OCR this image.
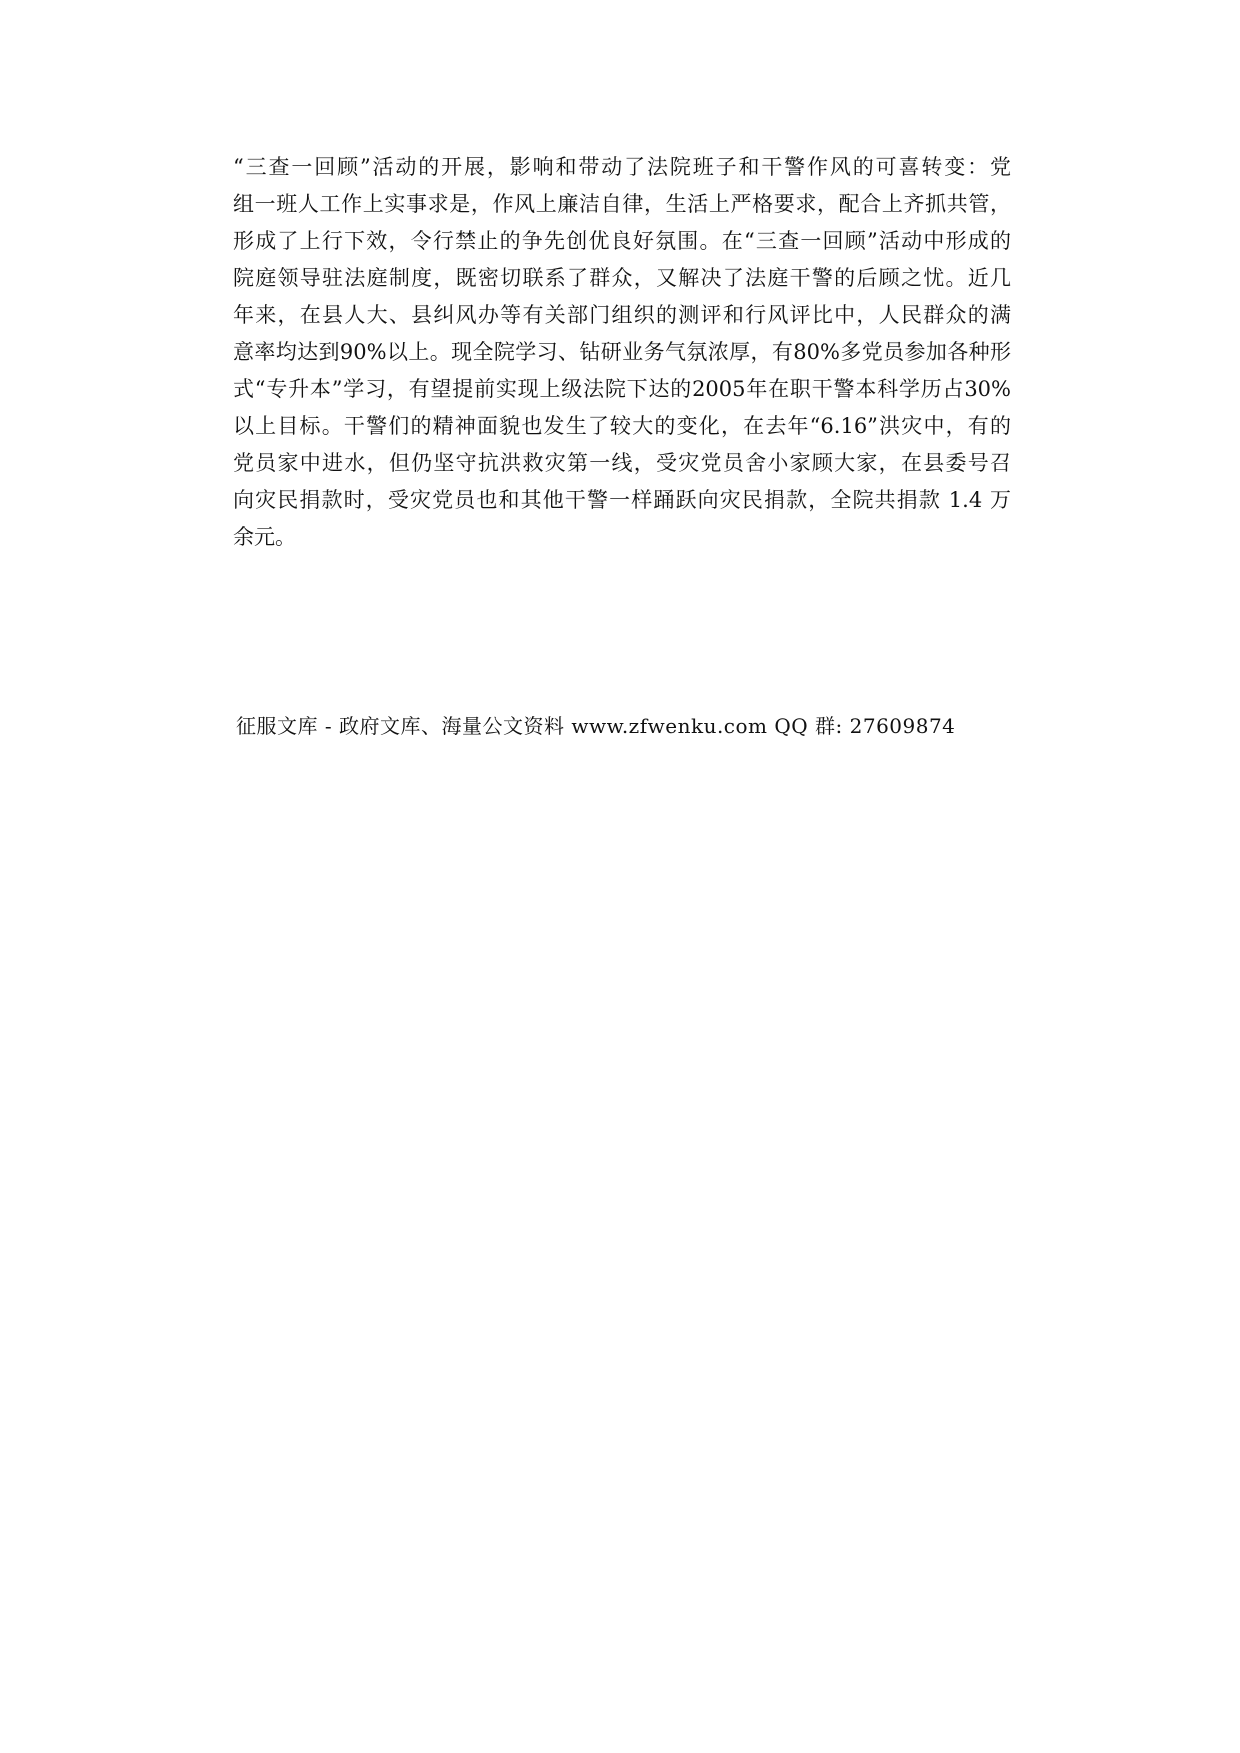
“三查一回顾”活动的开展，影响和带动了法院班子和干警作风的可喜转变：党
组一班人工作上实事求是，作风上廉洁自律，生活上严格要求，配合上齐抓共管，
形成了上行下效，令行禁止的争先创优良好氛围。在“三查一回顾”活动中形成的
院庭领导驻法庭制度，既密切联系了群众，又解决了法庭干警的后顾之忧。近几
年来，在县人大、县纠风办等有关部门组织的测评和行风评比中，人民群众的满
意率均达到90%以上。现全院学习、钻研业务气氛浓厚，有80%多党员参加各种形
式“专升本”学习，有望提前实现上级法院下达的2005年在职干警本科学历占30%
以上目标。干警们的精神面貌也发生了较大的变化，在去年“6.16”洪灾中，有的
党员家中进水，但仍坚守抗洪救灾第一线，受灾党员舍小家顾大家，在县委号召
向灾民捐款时，受灾党员也和其他干警一样踊跃向灾民捐款，全院共捐款 1.4 万
余元。
征服文库 - 政府文库、海量公文资料 www.zfwenku.com QQ 群: 27609874
